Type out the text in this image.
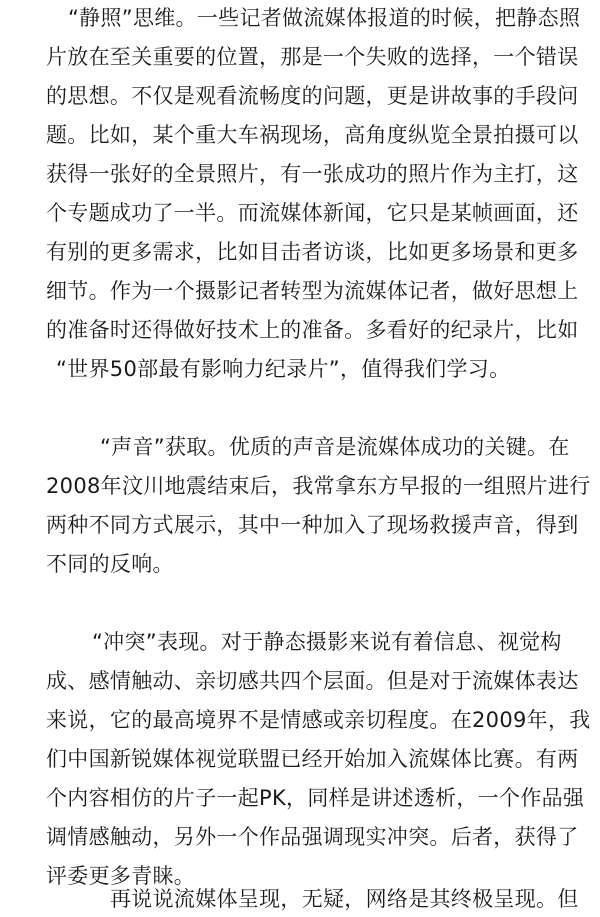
“静照”思维。一些记者做流媒体报道的时候，把静态照
片放在至关重要的位置，那是一个失败的选择，一个错误
的思想。不仅是观看流畅度的问题，更是讲故事的手段问
题。比如，某个重大车祸现场，高角度纵览全景拍摄可以
获得一张好的全景照片，有一张成功的照片作为主打，这
个专题成功了一半。而流媒体新闻，它只是某帧画面，还
有别的更多需求，比如目击者访谈，比如更多场景和更多
细节。作为一个摄影记者转型为流媒体记者，做好思想上
的准备时还得做好技术上的准备。多看好的纪录片，比如
“世界50部最有影响力纪录片”，值得我们学习。
“声音”获取。优质的声音是流媒体成功的关键。在
2008年汶川地震结束后，我常拿东方早报的一组照片进行
两种不同方式展示，其中一种加入了现场救援声音，得到
不同的反响。
“冲突”表现。对于静态摄影来说有着信息、视觉构
成、感情触动、亲切感共四个层面。但是对于流媒体表达
来说，它的最高境界不是情感或亲切程度。在2009年，我
们中国新锐媒体视觉联盟已经开始加入流媒体比赛。有两
个内容相仿的片子一起PK，同样是讲述透析，一个作品强
调情感触动，另外一个作品强调现实冲突。后者，获得了
评委更多青睐。
再说说流媒体呈现，无疑，网络是其终极呈现。但
